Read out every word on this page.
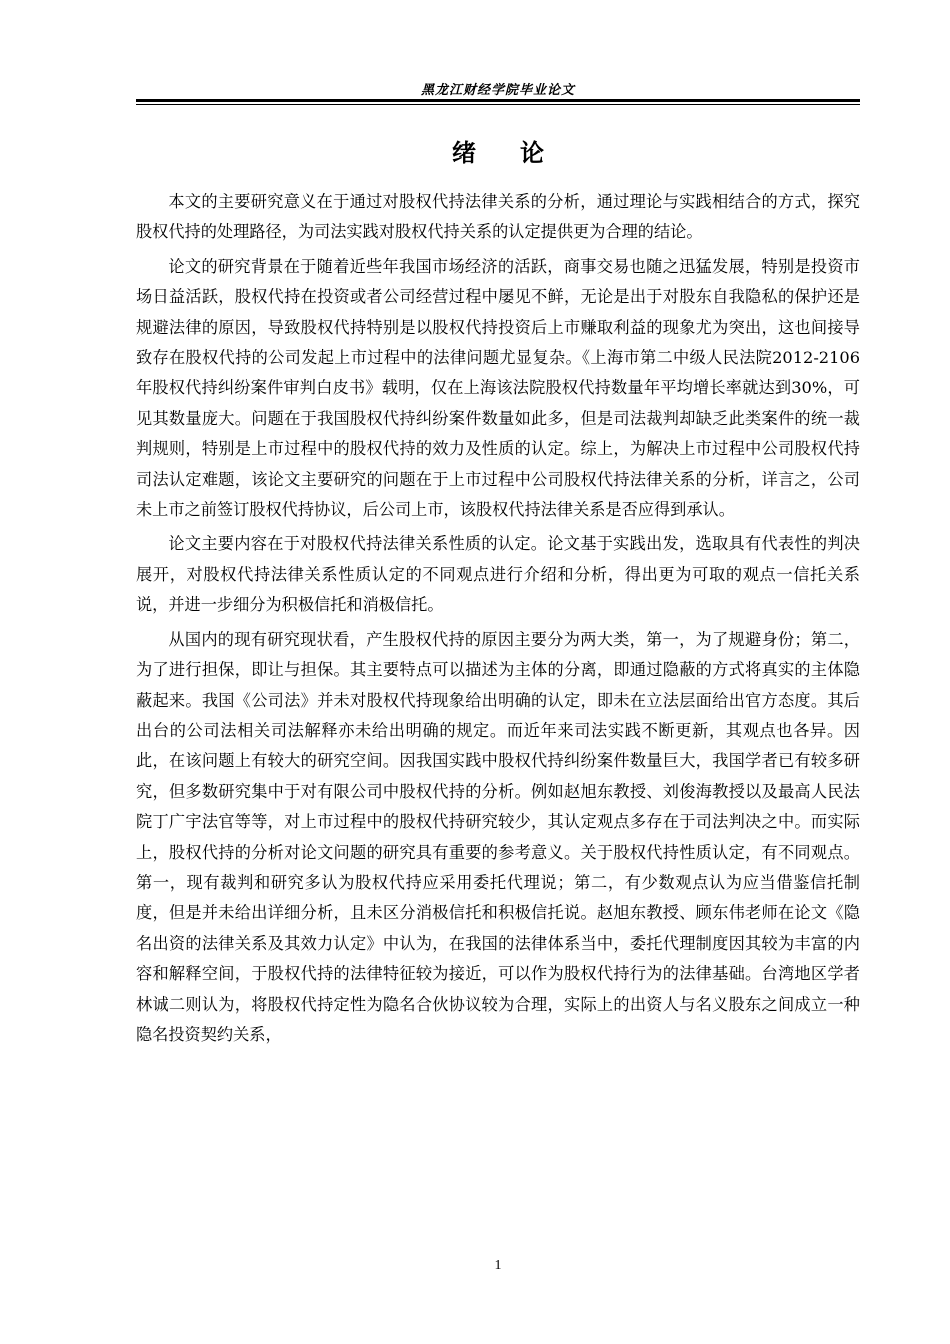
黑龙江财经学院毕业论文
绪 论

本文的主要研究意义在于通过对股权代持法律关系的分析，通过理论与实践相结合的方式，探究股权代持的处理路径，为司法实践对股权代持关系的认定提供更为合理的结论。

论文的研究背景在于随着近些年我国市场经济的活跃，商事交易也随之迅猛发展，特别是投资市场日益活跃，股权代持在投资或者公司经营过程中屡见不鲜，无论是出于对股东自我隐私的保护还是规避法律的原因，导致股权代持特别是以股权代持投资后上市赚取利益的现象尤为突出，这也间接导致存在股权代持的公司发起上市过程中的法律问题尤显复杂。《上海市第二中级人民法院2012-2106年股权代持纠纷案件审判白皮书》载明，仅在上海该法院股权代持数量年平均增长率就达到30%，可见其数量庞大。问题在于我国股权代持纠纷案件数量如此多，但是司法裁判却缺乏此类案件的统一裁判规则，特别是上市过程中的股权代持的效力及性质的认定。综上，为解决上市过程中公司股权代持司法认定难题，该论文主要研究的问题在于上市过程中公司股权代持法律关系的分析，详言之，公司未上市之前签订股权代持协议，后公司上市，该股权代持法律关系是否应得到承认。

论文主要内容在于对股权代持法律关系性质的认定。论文基于实践出发，选取具有代表性的判决展开，对股权代持法律关系性质认定的不同观点进行介绍和分析，得出更为可取的观点一信托关系说，并进一步细分为积极信托和消极信托。

从国内的现有研究现状看，产生股权代持的原因主要分为两大类，第一，为了规避身份；第二，为了进行担保，即让与担保。其主要特点可以描述为主体的分离，即通过隐蔽的方式将真实的主体隐蔽起来。我国《公司法》并未对股权代持现象给出明确的认定，即未在立法层面给出官方态度。其后出台的公司法相关司法解释亦未给出明确的规定。而近年来司法实践不断更新，其观点也各异。因此，在该问题上有较大的研究空间。因我国实践中股权代持纠纷案件数量巨大，我国学者已有较多研究，但多数研究集中于对有限公司中股权代持的分析。例如赵旭东教授、刘俊海教授以及最高人民法院丁广宇法官等等，对上市过程中的股权代持研究较少，其认定观点多存在于司法判决之中。而实际上，股权代持的分析对论文问题的研究具有重要的参考意义。关于股权代持性质认定，有不同观点。第一，现有裁判和研究多认为股权代持应采用委托代理说；第二，有少数观点认为应当借鉴信托制度，但是并未给出详细分析，且未区分消极信托和积极信托说。赵旭东教授、顾东伟老师在论文《隐名出资的法律关系及其效力认定》中认为，在我国的法律体系当中，委托代理制度因其较为丰富的内容和解释空间，于股权代持的法律特征较为接近，可以作为股权代持行为的法律基础。台湾地区学者林诚二则认为，将股权代持定性为隐名合伙协议较为合理，实际上的出资人与名义股东之间成立一种隐名投资契约关系，

1
